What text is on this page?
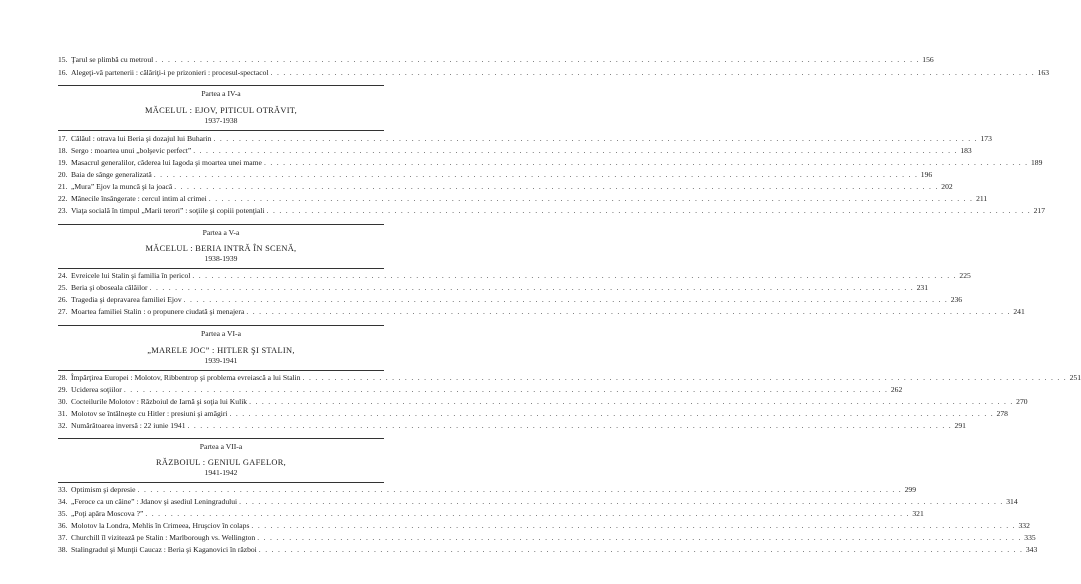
15. Ţarul se plimbă cu metroul . . . . . . . . . . . . . . . . . . . . . . . . . . . . . . . . . . . . . . . . . . . . . . . . . . . . . . . . . . . . . . . . . . . . . . . . . . . . . . . . . . . . . . . . . . . . . . . . . . . . . . . . . . . . . . . . . . . . . . . . 156
16. Alegeţi-vă partenerii : călăriţi-i pe prizonieri : procesul-spectacol . . . . . . . . . . . . . . . . . . . . . . . . . . . . . . . . . . . . . . . . . . . . . . . . . . . . . . . . . . . . . . . . . . . . . . . . . . . . . . . . . . . . . . . . . . . . . . . . . . . . . . . . . . . . . . . . . . . . . . . . 163
Partea a IV-a
MĂCELUL : EJOV, PITICUL OTRĂVIT,
1937-1938
17. Călăul : otrava lui Beria şi dozajul lui Buharin . . . . . . . . . . . . . . . . . . . . . . . . . . . . . . . . . . . . . . . . . . . . . . . . . . . . . . . . . . . . . . . . . . . . . . . . . . . . . . . . . . . . . . . . . . . . . . . . . . . . . . . . . . . . . . . . . . . . . . . . 173
18. Sergo : moartea unui „bolşevic perfect” . . . . . . . . . . . . . . . . . . . . . . . . . . . . . . . . . . . . . . . . . . . . . . . . . . . . . . . . . . . . . . . . . . . . . . . . . . . . . . . . . . . . . . . . . . . . . . . . . . . . . . . . . . . . . . . . . . . . . . . . 183
19. Masacrul generalilor, căderea lui Iagoda şi moartea unei mame . . . . . . . . . . . . . . . . . . . . . . . . . . . . . . . . . . . . . . . . . . . . . . . . . . . . . . . . . . . . . . . . . . . . . . . . . . . . . . . . . . . . . . . . . . . . . . . . . . . . . . . . . . . . . . . . . . . . . . . . 189
20. Baia de sânge generalizată . . . . . . . . . . . . . . . . . . . . . . . . . . . . . . . . . . . . . . . . . . . . . . . . . . . . . . . . . . . . . . . . . . . . . . . . . . . . . . . . . . . . . . . . . . . . . . . . . . . . . . . . . . . . . . . . . . . . . . . . 196
21. „Mura” Ejov la muncă şi la joacă . . . . . . . . . . . . . . . . . . . . . . . . . . . . . . . . . . . . . . . . . . . . . . . . . . . . . . . . . . . . . . . . . . . . . . . . . . . . . . . . . . . . . . . . . . . . . . . . . . . . . . . . . . . . . . . . . . . . . . . . 202
22. Mânecile însângerate : cercul intim al crimei . . . . . . . . . . . . . . . . . . . . . . . . . . . . . . . . . . . . . . . . . . . . . . . . . . . . . . . . . . . . . . . . . . . . . . . . . . . . . . . . . . . . . . . . . . . . . . . . . . . . . . . . . . . . . . . . . . . . . . . . 211
23. Viaţa socială în timpul „Marii terori” : soţiile şi copiii potenţiali . . . . . . . . . . . . . . . . . . . . . . . . . . . . . . . . . . . . . . . . . . . . . . . . . . . . . . . . . . . . . . . . . . . . . . . . . . . . . . . . . . . . . . . . . . . . . . . . . . . . . . . . . . . . . . . . . . . . . . . . 217
Partea a V-a
MĂCELUL : BERIA INTRĂ ÎN SCENĂ,
1938-1939
24. Evreicele lui Stalin şi familia în pericol . . . . . . . . . . . . . . . . . . . . . . . . . . . . . . . . . . . . . . . . . . . . . . . . . . . . . . . . . . . . . . . . . . . . . . . . . . . . . . . . . . . . . . . . . . . . . . . . . . . . . . . . . . . . . . . . . . . . . . . . 225
25. Beria şi oboseala călăilor . . . . . . . . . . . . . . . . . . . . . . . . . . . . . . . . . . . . . . . . . . . . . . . . . . . . . . . . . . . . . . . . . . . . . . . . . . . . . . . . . . . . . . . . . . . . . . . . . . . . . . . . . . . . . . . . . . . . . . . . 231
26. Tragedia şi depravarea familiei Ejov . . . . . . . . . . . . . . . . . . . . . . . . . . . . . . . . . . . . . . . . . . . . . . . . . . . . . . . . . . . . . . . . . . . . . . . . . . . . . . . . . . . . . . . . . . . . . . . . . . . . . . . . . . . . . . . . . . . . . . . . 236
27. Moartea familiei Stalin : o propunere ciudată şi menajera . . . . . . . . . . . . . . . . . . . . . . . . . . . . . . . . . . . . . . . . . . . . . . . . . . . . . . . . . . . . . . . . . . . . . . . . . . . . . . . . . . . . . . . . . . . . . . . . . . . . . . . . . . . . . . . . . . . . . . . . 241
Partea a VI-a
„MARELE JOC” : HITLER ŞI STALIN,
1939-1941
28. Împărţirea Europei : Molotov, Ribbentrop şi problema evreiască a lui Stalin . . . . . . . . . . . . . . . . . . . . . . . . . . . . . . . . . . . . . . . . . . . . . . . . . . . . . . . . . . . . . . . . . . . . . . . . . . . . . . . . . . . . . . . . . . . . . . . . . . . . . . . . . . . . . . . . . . . . . . . . 251
29. Uciderea soţiilor . . . . . . . . . . . . . . . . . . . . . . . . . . . . . . . . . . . . . . . . . . . . . . . . . . . . . . . . . . . . . . . . . . . . . . . . . . . . . . . . . . . . . . . . . . . . . . . . . . . . . . . . . . . . . . . . . . . . . . . . 262
30. Cocteilurile Molotov : Războiul de Iarnă şi soţia lui Kulik . . . . . . . . . . . . . . . . . . . . . . . . . . . . . . . . . . . . . . . . . . . . . . . . . . . . . . . . . . . . . . . . . . . . . . . . . . . . . . . . . . . . . . . . . . . . . . . . . . . . . . . . . . . . . . . . . . . . . . . . 270
31. Molotov se întâlneşte cu Hitler : presiuni şi amăgiri . . . . . . . . . . . . . . . . . . . . . . . . . . . . . . . . . . . . . . . . . . . . . . . . . . . . . . . . . . . . . . . . . . . . . . . . . . . . . . . . . . . . . . . . . . . . . . . . . . . . . . . . . . . . . . . . . . . . . . . . 278
32. Numărătoarea inversă : 22 iunie 1941 . . . . . . . . . . . . . . . . . . . . . . . . . . . . . . . . . . . . . . . . . . . . . . . . . . . . . . . . . . . . . . . . . . . . . . . . . . . . . . . . . . . . . . . . . . . . . . . . . . . . . . . . . . . . . . . . . . . . . . . . 291
Partea a VII-a
RĂZBOIUL : GENIUL GAFELOR,
1941-1942
33. Optimism şi depresie . . . . . . . . . . . . . . . . . . . . . . . . . . . . . . . . . . . . . . . . . . . . . . . . . . . . . . . . . . . . . . . . . . . . . . . . . . . . . . . . . . . . . . . . . . . . . . . . . . . . . . . . . . . . . . . . . . . . . . . . 299
34. „Feroce ca un câine” : Jdanov şi asediul Leningradului . . . . . . . . . . . . . . . . . . . . . . . . . . . . . . . . . . . . . . . . . . . . . . . . . . . . . . . . . . . . . . . . . . . . . . . . . . . . . . . . . . . . . . . . . . . . . . . . . . . . . . . . . . . . . . . . . . . . . . . . 314
35. „Poţi apăra Moscova ?” . . . . . . . . . . . . . . . . . . . . . . . . . . . . . . . . . . . . . . . . . . . . . . . . . . . . . . . . . . . . . . . . . . . . . . . . . . . . . . . . . . . . . . . . . . . . . . . . . . . . . . . . . . . . . . . . . . . . . . . . 321
36. Molotov la Londra, Mehlis în Crimeea, Hruşciov în colaps . . . . . . . . . . . . . . . . . . . . . . . . . . . . . . . . . . . . . . . . . . . . . . . . . . . . . . . . . . . . . . . . . . . . . . . . . . . . . . . . . . . . . . . . . . . . . . . . . . . . . . . . . . . . . . . . . . . . . . . . 332
37. Churchill îl vizitează pe Stalin : Marlborough vs. Wellington . . . . . . . . . . . . . . . . . . . . . . . . . . . . . . . . . . . . . . . . . . . . . . . . . . . . . . . . . . . . . . . . . . . . . . . . . . . . . . . . . . . . . . . . . . . . . . . . . . . . . . . . . . . . . . . . . . . . . . . . 335
38. Stalingradul şi Munţii Caucaz : Beria şi Kaganovici în război . . . . . . . . . . . . . . . . . . . . . . . . . . . . . . . . . . . . . . . . . . . . . . . . . . . . . . . . . . . . . . . . . . . . . . . . . . . . . . . . . . . . . . . . . . . . . . . . . . . . . . . . . . . . . . . . . . . . . . . . 343
